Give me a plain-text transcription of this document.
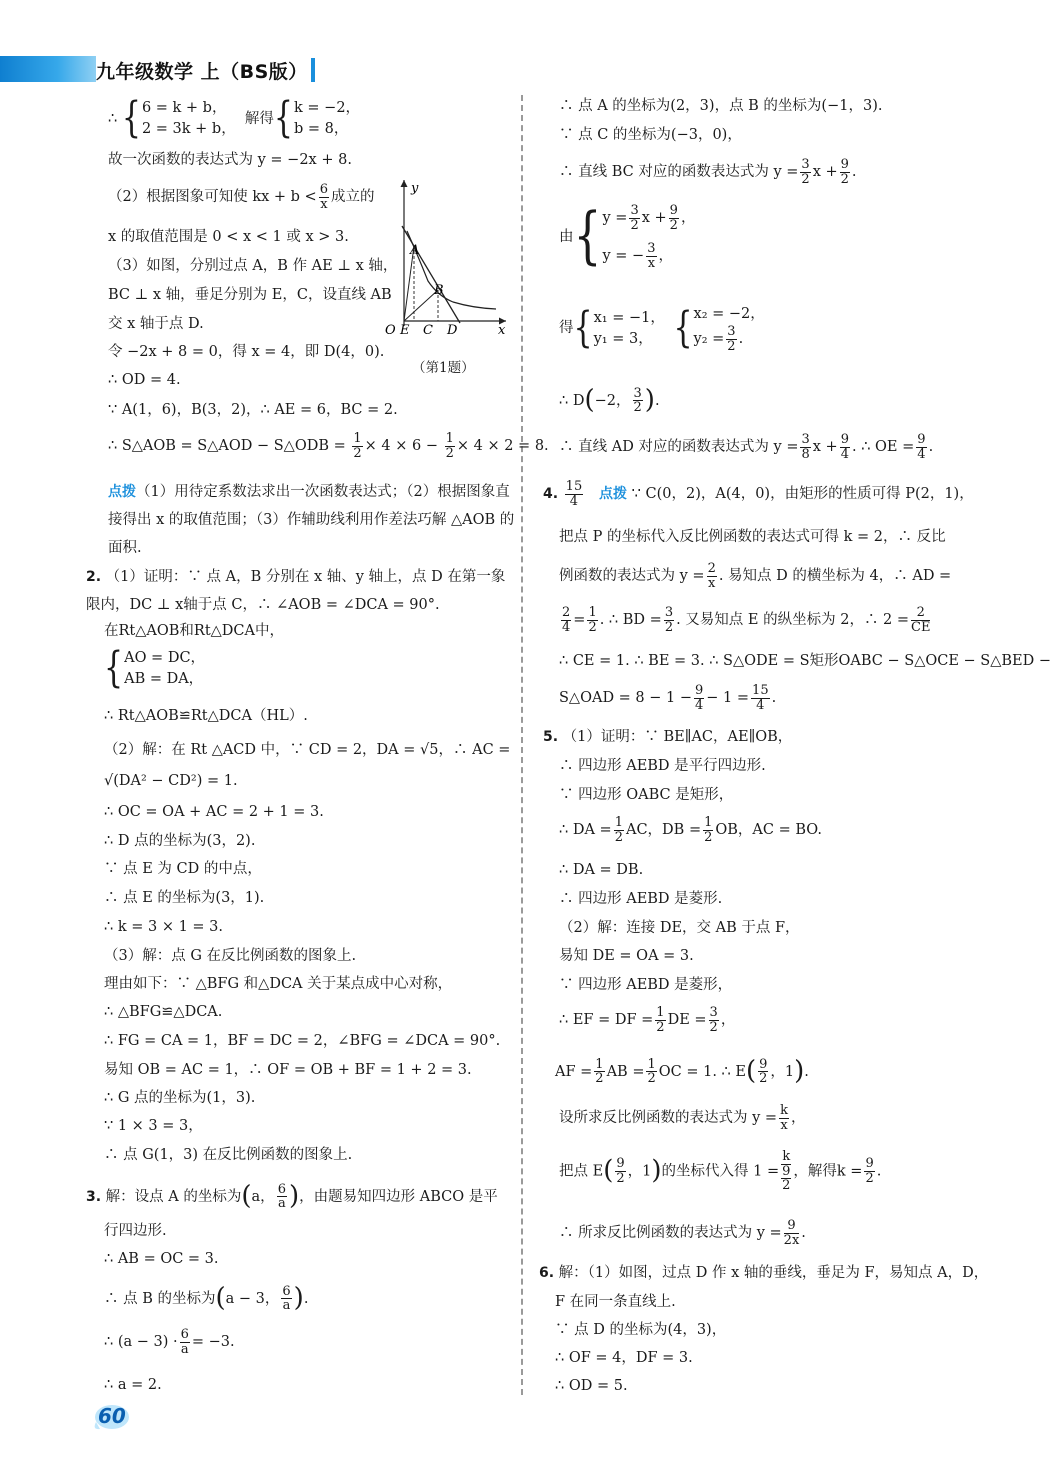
九年级数学 上（BS版）
∴ { 6 = k + b，
2 = 3k + b，
解得{ k = −2，
b = 8，
故一次函数的表达式为 y = −2x + 8.
（2）根据图象可知使 kx + $b < \frac{6}{x}$ 成立的
x 的取值范围是 0 < x < 1 或 x > 3.
（3）如图，分别过点 A，B 作 AE ⊥ x 轴，
BC ⊥ x 轴，垂足分别为 E，C，设直线 AB
交 x 轴于点 D.
令 −2x + 8 = 0，得 x = 4，即 D(4，0).
∴ OD = 4.
∵ A(1，6)，B(3，2)，∴ AE = 6，BC = 2.
∴ S△AOB = S△AOD − S△ODB = $\frac{1}{2} \times 4 \times 6 - \frac{1}{2} \times 4 \times 2 = 8$.
点拨（1）用待定系数法求出一次函数表达式；（2）根据图象直接得出 x 的取值范围；（3）作辅助线利用作差法巧解 △AOB 的面积.
2. （1）证明：∵ 点 A，B 分别在 x 轴、y 轴上，点 D 在第一象限内，DC ⊥ x轴于点 C，∴ ∠AOB = ∠DCA = 90°.
在Rt△AOB和Rt△DCA中，
{ AO = DC，
AB = DA，
∴ Rt△AOB≌Rt△DCA（HL）.
（2）解：在 Rt △ACD 中，∵ CD = 2，DA = √5，∴ AC =
√(DA² − CD²) = 1.
∴ OC = OA + AC = 2 + 1 = 3.
∴ D 点的坐标为(3，2).
∵ 点 E 为 CD 的中点，
∴ 点 E 的坐标为(3，1).
∴ k = 3 × 1 = 3.
（3）解：点 G 在反比例函数的图象上.
理由如下：∵ △BFG 和△DCA 关于某点成中心对称，
∴ △BFG≌△DCA.
∴ FG = CA = 1，BF = DC = 2，∠BFG = ∠DCA = 90°.
易知 OB = AC = 1，∴ OF = OB + BF = 1 + 2 = 3.
∴ G 点的坐标为(1，3).
∵ 1 × 3 = 3，
∴ 点 G(1，3) 在反比例函数的图象上.
3. 解：设点 A 的坐标为(a， $\frac{6}{a}$ )，由题易知四边形 ABCO 是平
行四边形.
∴ AB = OC = 3.
∴ 点 B 的坐标为(a − 3， $\frac{6}{a}$ ).
∴ $(a - 3) \cdot \frac{6}{a} = -3$.
∴ a = 2.
y
x
A
B
O E C D
（第1题）
∴ 点 A 的坐标为(2，3)，点 B 的坐标为(−1，3).
∵ 点 C 的坐标为(−3，0)，
∴ 直线 BC 对应的函数表达式为 $y = \frac{3}{2}$ $x + \frac{9}{2}$ .
由{ $y = \frac{3}{2}$ $x + \frac{9}{2}$ ，
y = − $\frac{3}{x}$ ，
得{ x₁ = −1，
y₁ = 3， { x₂ = −2，
$y_2 = \frac{3}{2}$ .
∴ D(−2， $\frac{3}{2}$ ).
∴ 直线 AD 对应的函数表达式为 $y = \frac{3}{8}$ $x + \frac{9}{4}$ . ∴ OE = $\frac{9}{4}$ .
4. $\frac{15}{4}$ 点拨 ∵ C(0，2)，A(4，0)，由矩形的性质可得 P(2，1)，
把点 P 的坐标代入反比例函数的表达式可得 k = 2，∴ 反比
例函数的表达式为 $y = \frac{2}{x}$ . 易知点 D 的横坐标为 4，∴ AD =
$\frac{2}{4} = \frac{1}{2}$ . ∴ BD = $\frac{3}{2}$ . 又易知点 E 的纵坐标为 2，∴ $2 = \frac{2}{CE}$
∴ CE = 1. ∴ BE = 3. ∴ S△ODE = S矩形OABC − S△OCE − S△BED −
S△OAD = $8 - 1 - \frac{9}{4} - 1 = \frac{15}{4}$ .
5. （1）证明：∵ BE∥AC，AE∥OB，
∴ 四边形 AEBD 是平行四边形.
∵ 四边形 OABC 是矩形，
∴ DA = $\frac{1}{2}$ AC，DB = $\frac{1}{2}$ OB，AC = BO.
∴ DA = DB.
∴ 四边形 AEBD 是菱形.
（2）解：连接 DE，交 AB 于点 F，
易知 DE = OA = 3.
∵ 四边形 AEBD 是菱形，
∴ EF = DF = $\frac{1}{2}$ DE = $\frac{3}{2}$ ，
AF = $\frac{1}{2}$ AB = $\frac{1}{2}$ OC = 1. ∴ $E( \frac{9}{2}$ ，1).
设所求反比例函数的表达式为 $y = \frac{k}{x}$ ，
把点 $E( \frac{9}{2}$ ，1)的坐标代入得 $1 = \frac{k}{\frac{9}{2}}$ ，解得$k = \frac{9}{2}$ .
∴ 所求反比例函数的表达式为 $y = \frac{9}{2x}$ .
6. 解：（1）如图，过点 D 作 x 轴的垂线，垂足为 F，易知点 A，D，
F 在同一条直线上.
∵ 点 D 的坐标为(4，3)，
∴ OF = 4，DF = 3.
∴ OD = 5.
60
